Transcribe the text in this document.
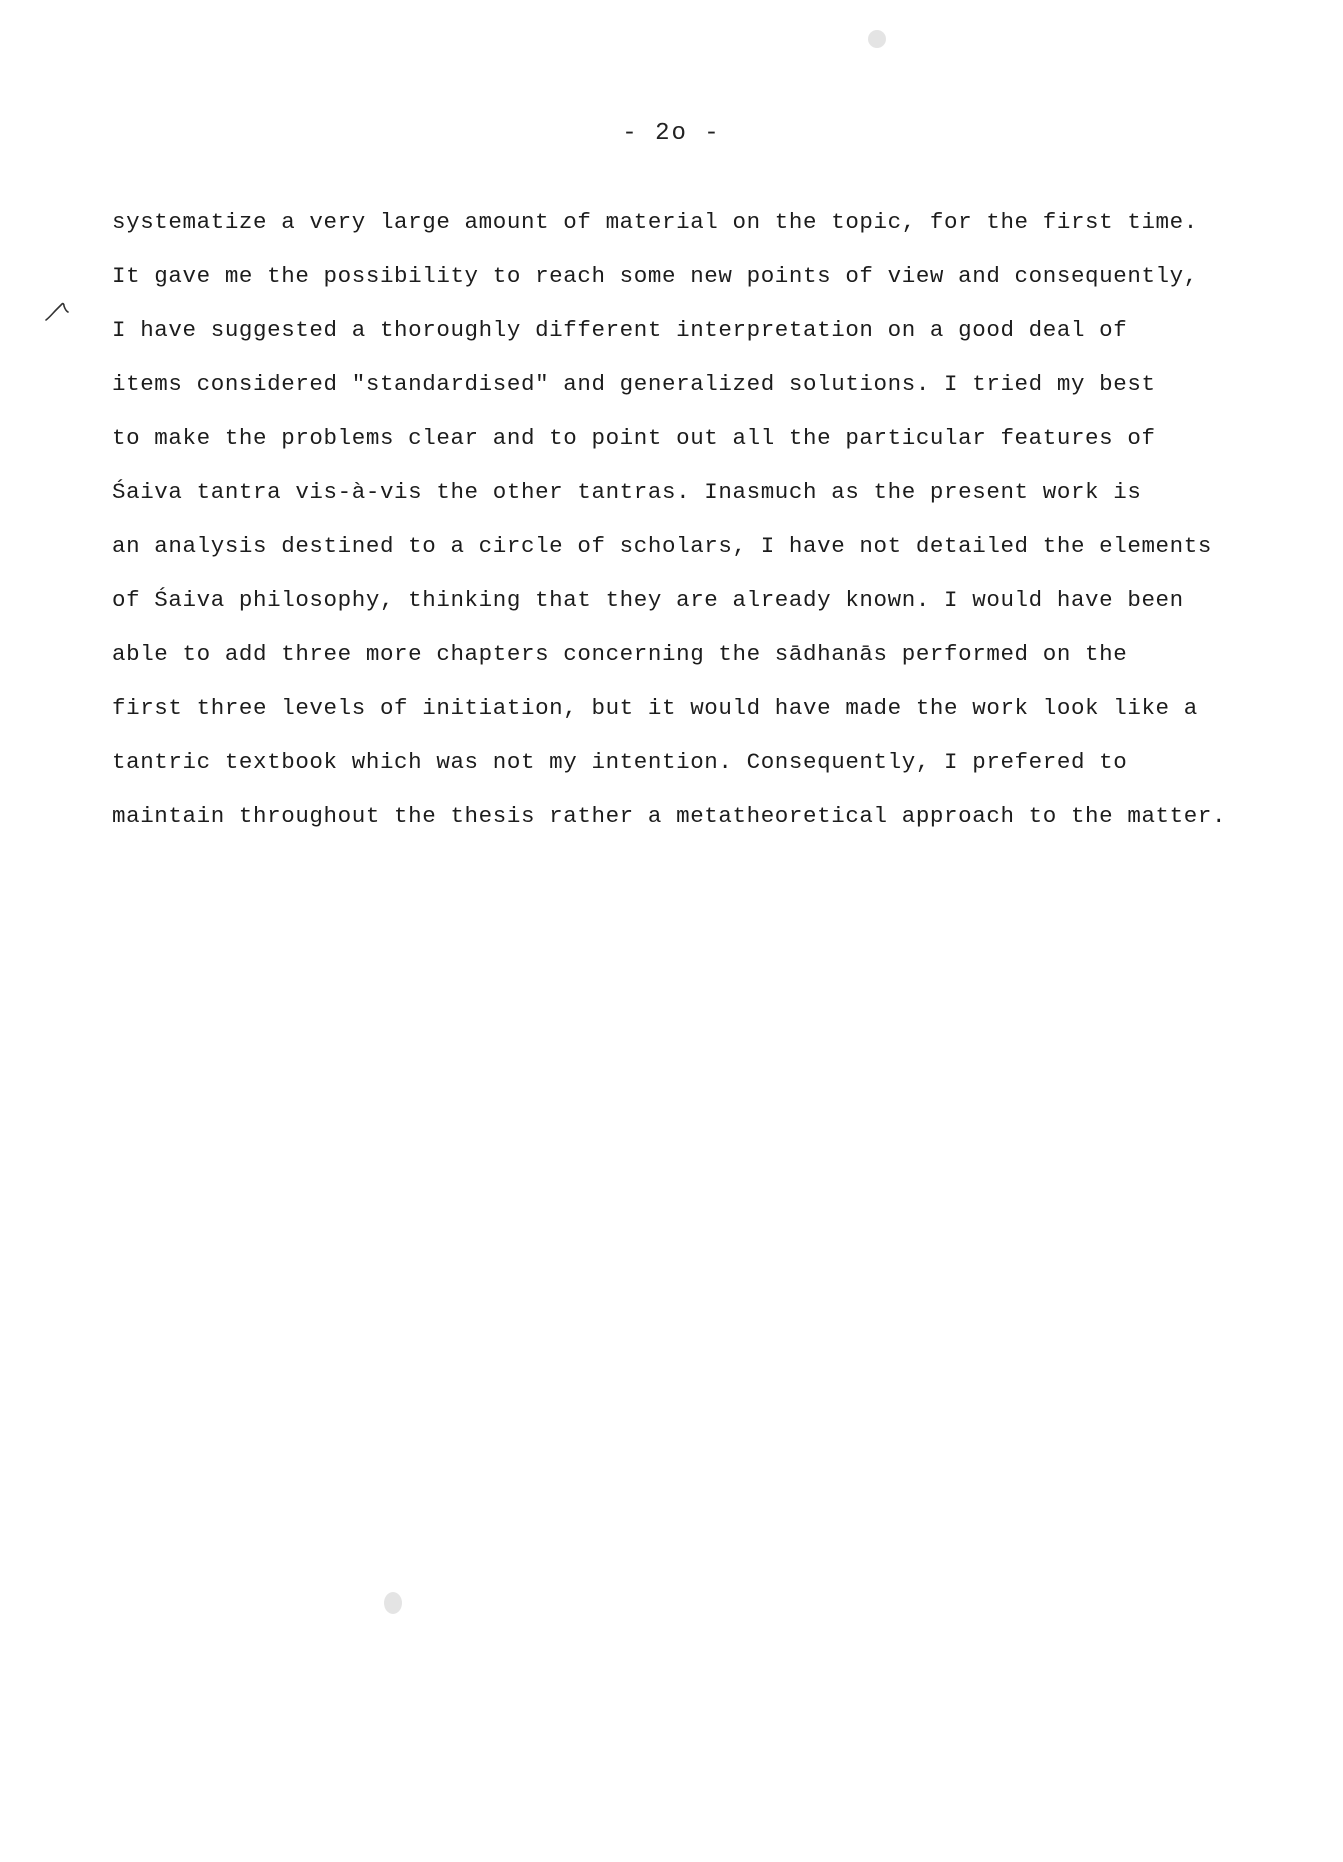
- 2o -
systematize a very large amount of material on the topic, for the first time.
It gave me the possibility to reach some new points of view and consequently,
I have suggested a thoroughly different interpretation on a good deal of
items considered "standardised" and generalized solutions. I tried my best
to make the problems clear and to point out all the particular features of
Śaiva tantra vis-à-vis the other tantras. Inasmuch as the present work is
an analysis destined to a circle of scholars, I have not detailed the elements
of Śaiva philosophy, thinking that they are already known. I would have been
able to add three more chapters concerning the sādhanās performed on the
first three levels of initiation, but it would have made the work look like a
tantric textbook which was not my intention. Consequently, I prefered to
maintain throughout the thesis rather a metatheoretical approach to the matter.
